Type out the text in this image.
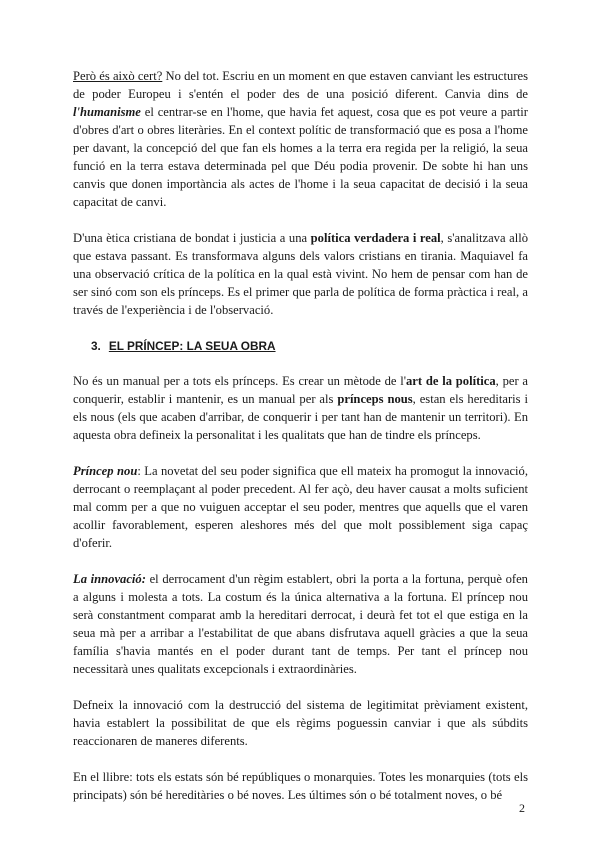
Però és això cert? No del tot. Escriu en un moment en que estaven canviant les estructures de poder Europeu i s'entén el poder des de una posició diferent. Canvia dins de l'humanisme el centrar-se en l'home, que havia fet aquest, cosa que es pot veure a partir d'obres d'art o obres literàries. En el context polític de transformació que es posa a l'home per davant, la concepció del que fan els homes a la terra era regida per la religió, la seua funció en la terra estava determinada pel que Déu podia provenir. De sobte hi han uns canvis que donen importància als actes de l'home i la seua capacitat de decisió i la seua capacitat de canvi.

D'una ètica cristiana de bondat i justicia a una política verdadera i real, s'analitzava allò que estava passant. Es transformava alguns dels valors cristians en tirania. Maquiavel fa una observació crítica de la política en la qual està vivint. No hem de pensar com han de ser sinó com son els prínceps. Es el primer que parla de política de forma pràctica i real, a través de l'experiència i de l'observació.

3. EL PRÍNCEP: LA SEUA OBRA

No és un manual per a tots els prínceps. Es crear un mètode de l'art de la política, per a conquerir, establir i mantenir, es un manual per als prínceps nous, estan els hereditaris i els nous (els que acaben d'arribar, de conquerir i per tant han de mantenir un territori). En aquesta obra defineix la personalitat i les qualitats que han de tindre els prínceps.

Príncep nou: La novetat del seu poder significa que ell mateix ha promogut la innovació, derrocant o reemplaçant al poder precedent. Al fer açò, deu haver causat a molts suficient mal comm per a que no vuiguen acceptar el seu poder, mentres que aquells que el varen acollir favorablement, esperen aleshores més del que molt possiblement siga capaç d'oferir.

La innovació: el derrocament d'un règim establert, obri la porta a la fortuna, perquè ofen a alguns i molesta a tots. La costum és la única alternativa a la fortuna. El príncep nou serà constantment comparat amb la hereditari derrocat, i deurà fet tot el que estiga en la seua mà per a arribar a l'estabilitat de que abans disfrutava aquell gràcies a que la seua família s'havia mantés en el poder durant tant de temps. Per tant el príncep nou necessitarà unes qualitats excepcionals i extraordinàries.

Defneix la innovació com la destrucció del sistema de legitimitat prèviament existent, havia establert la possibilitat de que els règims poguessin canviar i que als súbdits reaccionaren de maneres diferents.

En el llibre: tots els estats són bé repúbliques o monarquies. Totes les monarquies (tots els principats) són bé hereditàries o bé noves. Les últimes són o bé totalment noves, o bé

2
